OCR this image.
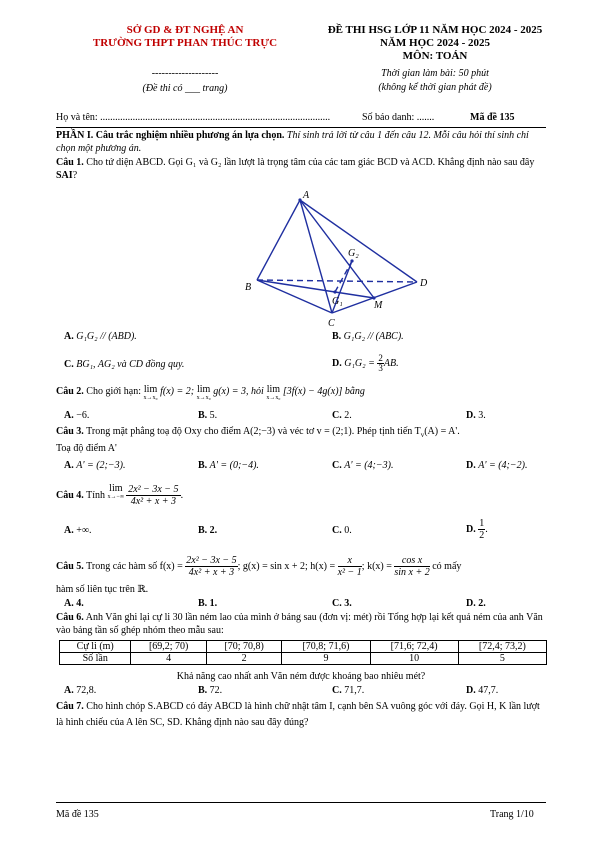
SỞ GD & ĐT NGHỆ AN
TRƯỜNG THPT PHAN THÚC TRỰC
--------------------
(Đề thi có ___ trang)
ĐỀ THI HSG LỚP 11 NĂM HỌC 2024 - 2025
NĂM HỌC 2024 - 2025
MÔN: TOÁN
Thời gian làm bài: 50 phút
(không kể thời gian phát đề)
Họ và tên: ............................................................................................	Số báo danh: .......	Mã đề 135
PHẦN I. Câu trắc nghiệm nhiều phương án lựa chọn. Thí sinh trả lời từ câu 1 đến câu 12. Mỗi câu hỏi thí sinh chỉ chọn một phương án.
Câu 1. Cho tứ diện ABCD. Gọi G₁ và G₂ lần lượt là trọng tâm của các tam giác BCD và ACD. Khẳng định nào sau đây SAI?
A
B
C
D
M
G₂
G₁
A. G₁G₂ // (ABD).	B. G₁G₂ // (ABC).
C. BG₁, AG₂ và CD đồng quy.	D. $G_1G_2 = \frac{2}{3}$ AB.
Câu 2. Cho giới hạn: lim
x→x₀
f(x) = 2; lim
x→x₀
g(x) = 3, hỏi lim
x→x₀
[3f(x) − 4g(x)] bằng
A. −6.	B. 5.	C. 2.	D. 3.
Câu 3. Trong mặt phẳng toạ độ Oxy cho điểm A(2;−3) và véc tơ v = (2;1). Phép tịnh tiến $T_v(A) = A'$.
Toạ độ điểm A'
A. A' = (2;−3).	B. A' = (0;−4).	C. A' = (4;−3).	D. A' = (4;−2).
Câu 4. Tính
lim
$x\to-\infty \frac{\text{2x² − 3x − 5}}{\text{4x² + x + 3}}$ .
A. +∞.	B. 2.	C. 0.	D. $\frac{1}{2}$ .
Câu 5. Trong các hàm số $f(x) = \frac{\text{2x² − 3x − 5}}{\text{4x² + x + 3}}$ ; g(x) = sin x + 2; $h(x) = \frac{x}{\text{x² − 1}}$ ; $k(x) = \frac{\text{cos x}}{\text{sin x + 2}}$ có mấy
hàm số liên tục trên ℝ.
A. 4.	B. 1.	C. 3.	D. 2.
Câu 6. Anh Văn ghi lại cự li 30 lần ném lao của mình ở bảng sau (đơn vị: mét) rồi Tổng hợp lại kết quả ném của anh Văn vào bảng tần số ghép nhóm theo mẫu sau:
Cự li (m)	[69,2; 70)	[70; 70,8)	[70,8; 71,6)	[71,6; 72,4)	[72,4; 73,2)
Số lần	4	2	9	10	5
Khả năng cao nhất anh Văn ném được khoảng bao nhiêu mét?
A. 72,8.	B. 72.	C. 71,7.	D. 47,7.
Câu 7. Cho hình chóp S.ABCD có đáy ABCD là hình chữ nhật tâm I, cạnh bên SA vuông góc với đáy. Gọi H, K lần lượt là hình chiếu của A lên SC, SD. Khẳng định nào sau đây đúng?
Mã đề 135	Trang 1/10
